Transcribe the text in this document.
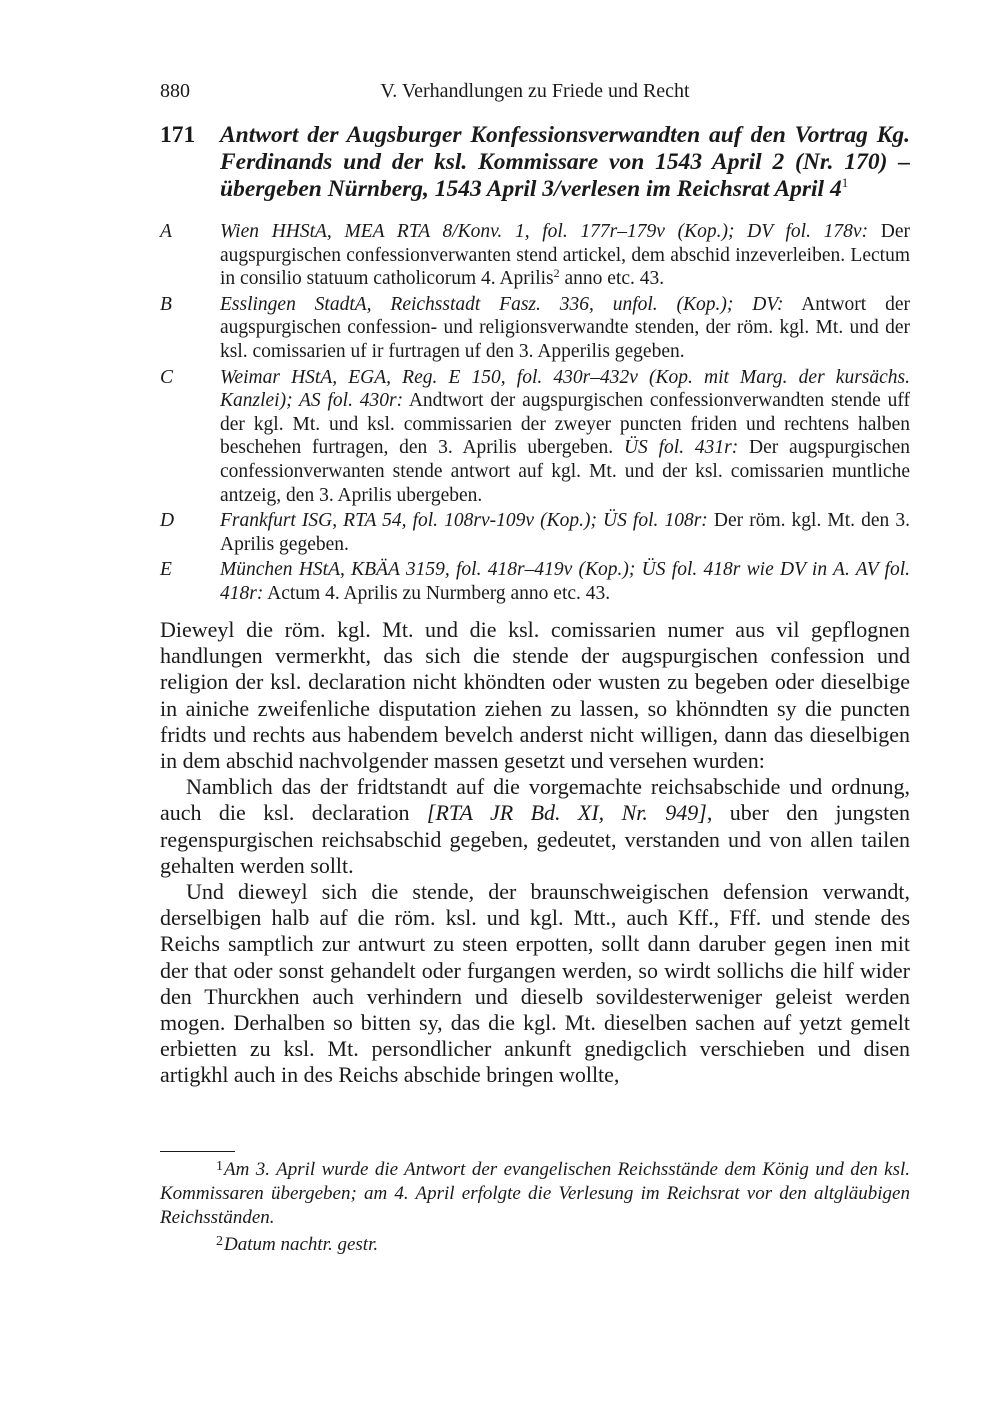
880	V. Verhandlungen zu Friede und Recht
171 Antwort der Augsburger Konfessionsverwandten auf den Vortrag Kg. Ferdinands und der ksl. Kommissare von 1543 April 2 (Nr. 170) – übergeben Nürnberg, 1543 April 3/verlesen im Reichsrat April $4^1$
A Wien HHStA, MEA RTA 8/Konv. 1, fol. 177r–179v (Kop.); DV fol. 178v: Der augspurgischen confessionverwanten stend artickel, dem abschid inzeverleiben. Lectum in consilio statuum catholicorum 4. Aprilis$^2$ anno etc. 43.
B Esslingen StadtA, Reichsstadt Fasz. 336, unfol. (Kop.); DV: Antwort der augspurgischen confession- und religionsverwandte stenden, der röm. kgl. Mt. und der ksl. comissarien uf ir furtragen uf den 3. Apperilis gegeben.
C Weimar HStA, EGA, Reg. E 150, fol. 430r–432v (Kop. mit Marg. der kursächs. Kanzlei); AS fol. 430r: Andtwort der augspurgischen confessionverwandten stende uff der kgl. Mt. und ksl. commissarien der zweyer puncten friden und rechtens halben beschehen furtragen, den 3. Aprilis ubergeben. ÜS fol. 431r: Der augspurgischen confessionverwanten stende antwort auf kgl. Mt. und der ksl. comissarien muntliche antzeig, den 3. Aprilis ubergeben.
D Frankfurt ISG, RTA 54, fol. 108rv-109v (Kop.); ÜS fol. 108r: Der röm. kgl. Mt. den 3. Aprilis gegeben.
E München HStA, KBÄA 3159, fol. 418r–419v (Kop.); ÜS fol. 418r wie DV in A. AV fol. 418r: Actum 4. Aprilis zu Nurmberg anno etc. 43.

Dieweyl die röm. kgl. Mt. und die ksl. comissarien numer aus vil gepflognen handlungen vermerkht, das sich die stende der augspurgischen confession und religion der ksl. declaration nicht khöndten oder wusten zu begeben oder dieselbige in ainiche zweifenliche disputation ziehen zu lassen, so khönndten sy die puncten fridts und rechts aus habendem bevelch anderst nicht willigen, dann das dieselbigen in dem abschid nachvolgender massen gesetzt und versehen wurden:

Namblich das der fridtstandt auf die vorgemachte reichsabschide und ordnung, auch die ksl. declaration [RTA JR Bd. XI, Nr. 949], uber den jungsten regenspurgischen reichsabschid gegeben, gedeutet, verstanden und von allen tailen gehalten werden sollt.

Und dieweyl sich die stende, der braunschweigischen defension verwandt, derselbigen halb auf die röm. ksl. und kgl. Mtt., auch Kff., Fff. und stende des Reichs samptlich zur antwurt zu steen erpotten, sollt dann daruber gegen inen mit der that oder sonst gehandelt oder furgangen werden, so wirdt sollichs die hilf wider den Thurckhen auch verhindern und dieselb sovildesterweniger geleist werden mogen. Derhalben so bitten sy, das die kgl. Mt. dieselben sachen auf yetzt gemelt erbietten zu ksl. Mt. persondlicher ankunft gnedigclich verschieben und disen artigkhl auch in des Reichs abschide bringen wollte,

1Am 3. April wurde die Antwort der evangelischen Reichsstände dem König und den ksl. Kommissaren übergeben; am 4. April erfolgte die Verlesung im Reichsrat vor den altgläubigen Reichsständen.

2Datum nachtr. gestr.
